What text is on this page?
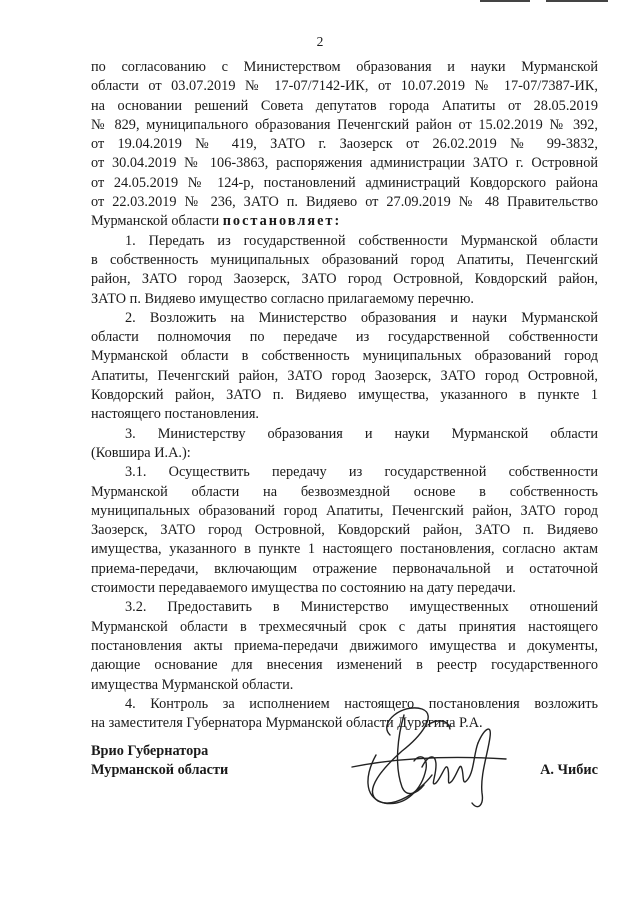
2
по согласованию с Министерством образования и науки Мурманской
области от 03.07.2019 № 17-07/7142-ИК, от 10.07.2019 № 17-07/7387-ИК,
на основании решений Совета депутатов города Апатиты от 28.05.2019
№ 829, муниципального образования Печенгский район от 15.02.2019 № 392,
от 19.04.2019 № 419, ЗАТО г. Заозерск от 26.02.2019 № 99-3832,
от 30.04.2019 № 106-3863, распоряжения администрации ЗАТО г. Островной
от 24.05.2019 № 124-р, постановлений администраций Ковдорского района
от 22.03.2019 № 236, ЗАТО п. Видяево от 27.09.2019 № 48 Правительство
Мурманской области постановляет:
1. Передать из государственной собственности Мурманской области
в собственность муниципальных образований город Апатиты, Печенгский
район, ЗАТО город Заозерск, ЗАТО город Островной, Ковдорский район,
ЗАТО п. Видяево имущество согласно прилагаемому перечню.
2. Возложить на Министерство образования и науки Мурманской
области полномочия по передаче из государственной собственности
Мурманской области в собственность муниципальных образований город
Апатиты, Печенгский район, ЗАТО город Заозерск, ЗАТО город Островной,
Ковдорский район, ЗАТО п. Видяево имущества, указанного в пункте 1
настоящего постановления.
3. Министерству образования и науки Мурманской области
(Ковшира И.А.):
3.1. Осуществить передачу из государственной собственности
Мурманской области на безвозмездной основе в собственность
муниципальных образований город Апатиты, Печенгский район, ЗАТО город
Заозерск, ЗАТО город Островной, Ковдорский район, ЗАТО п. Видяево
имущества, указанного в пункте 1 настоящего постановления, согласно актам
приема-передачи, включающим отражение первоначальной и остаточной
стоимости передаваемого имущества по состоянию на дату передачи.
3.2. Предоставить в Министерство имущественных отношений
Мурманской области в трехмесячный срок с даты принятия настоящего
постановления акты приема-передачи движимого имущества и документы,
дающие основание для внесения изменений в реестр государственного
имущества Мурманской области.
4. Контроль за исполнением настоящего постановления возложить
на заместителя Губернатора Мурманской области Дурягина Р.А.
Врио Губернатора
Мурманской области	А. Чибис
